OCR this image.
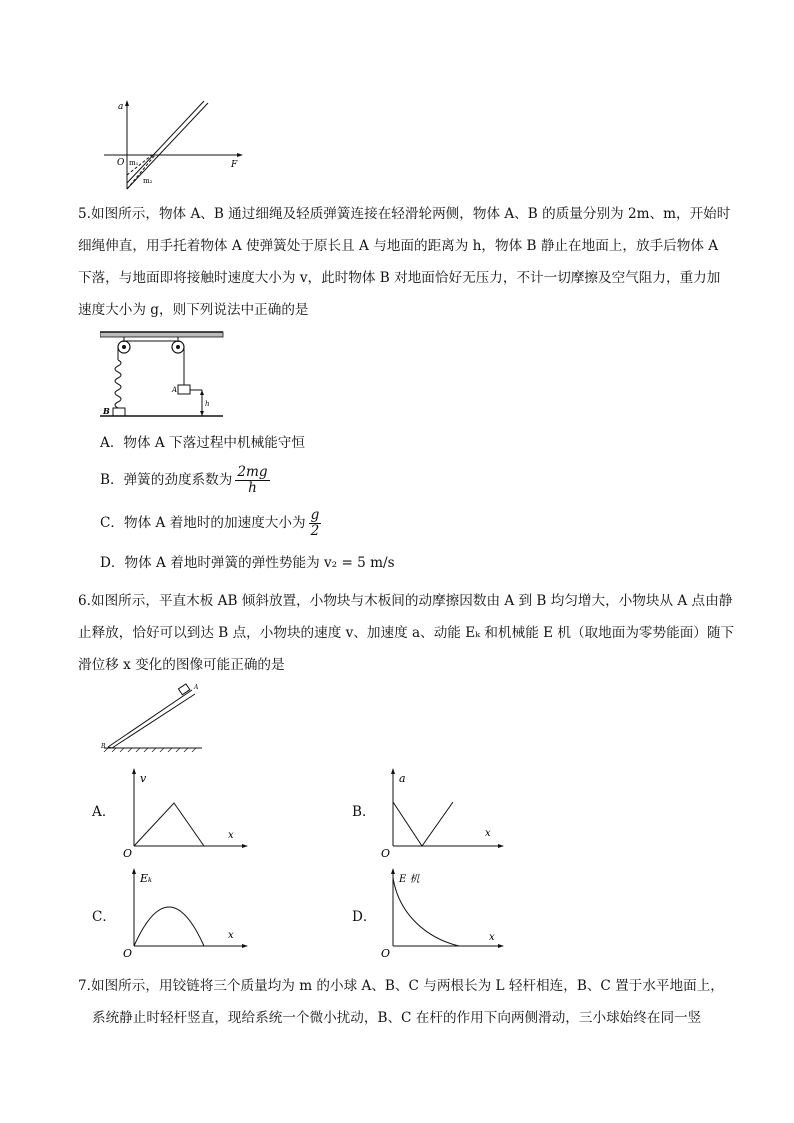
a
F
O m₁
m₂
5.如图所示，物体 A、B 通过细绳及轻质弹簧连接在轻滑轮两侧，物体 A、B 的质量分别为 2m、m，开始时
细绳伸直，用手托着物体 A 使弹簧处于原长且 A 与地面的距离为 h，物体 B 静止在地面上，放手后物体 A
下落，与地面即将接触时速度大小为 v，此时物体 B 对地面恰好无压力，不计一切摩擦及空气阻力，重力加
速度大小为 g，则下列说法中正确的是
A
B
h
A．物体 A 下落过程中机械能守恒
B．弹簧的劲度系数为 $\frac{2mg}{h}$
C．物体 A 着地时的加速度大小为 $\frac{g}{2}$
D．物体 A 着地时弹簧的弹性势能为 v₂ = 5 m/s
6.如图所示，平直木板 AB 倾斜放置，小物块与木板间的动摩擦因数由 A 到 B 均匀增大，小物块从 A 点由静
止释放，恰好可以到达 B 点，小物块的速度 v、加速度 a、动能 Eₖ 和机械能 E 机（取地面为零势能面）随下
滑位移 x 变化的图像可能正确的是
A
B
A．
v
x
O
B．
a
x
O
C．
Eₖ
x
O
D．
E 机
x
O
7.如图所示，用铰链将三个质量均为 m 的小球 A、B、C 与两根长为 L 轻杆相连，B、C 置于水平地面上，
系统静止时轻杆竖直，现给系统一个微小扰动，B、C 在杆的作用下向两侧滑动，三小球始终在同一竖
